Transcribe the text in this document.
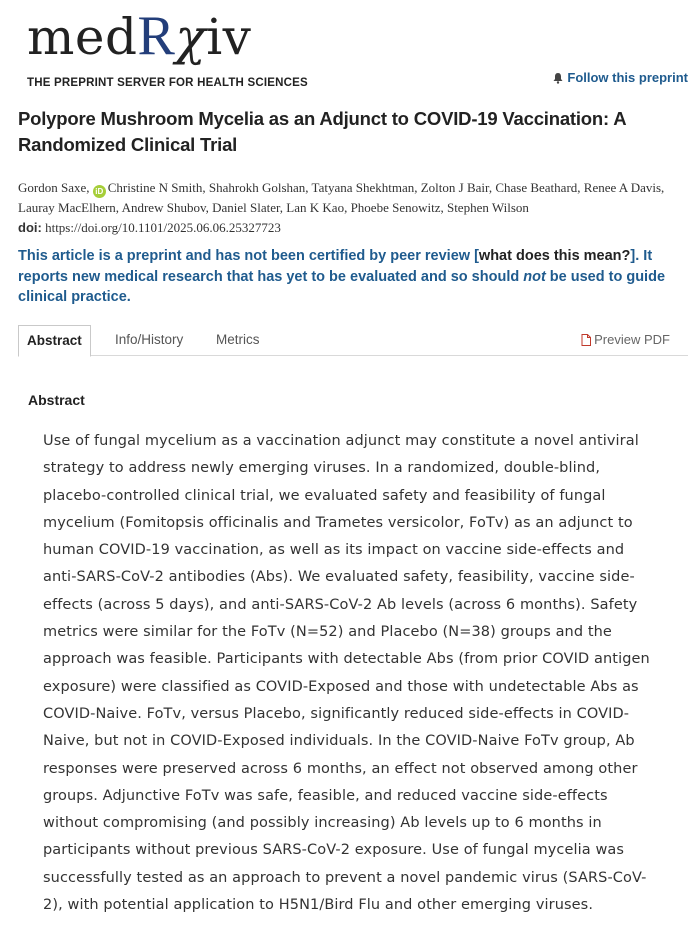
medRχiv
THE PREPRINT SERVER FOR HEALTH SCIENCES	Follow this preprint
Polypore Mushroom Mycelia as an Adjunct to COVID-19 Vaccination: A Randomized Clinical Trial
Gordon Saxe, iD Christine N Smith, Shahrokh Golshan, Tatyana Shekhtman, Zolton J Bair, Chase Beathard, Renee A Davis, Lauray MacElhern, Andrew Shubov, Daniel Slater, Lan K Kao, Phoebe Senowitz, Stephen Wilson
doi: https://doi.org/10.1101/2025.06.06.25327723
This article is a preprint and has not been certified by peer review [what does this mean?]. It reports new medical research that has yet to be evaluated and so should not be used to guide clinical practice.
Abstract	Info/History Metrics	Preview PDF
Abstract
Use of fungal mycelium as a vaccination adjunct may constitute a novel antiviral strategy to address newly emerging viruses. In a randomized, double-blind, placebo-controlled clinical trial, we evaluated safety and feasibility of fungal mycelium (Fomitopsis officinalis and Trametes versicolor, FoTv) as an adjunct to human COVID-19 vaccination, as well as its impact on vaccine side-effects and anti-SARS-CoV-2 antibodies (Abs). We evaluated safety, feasibility, vaccine side-effects (across 5 days), and anti-SARS-CoV-2 Ab levels (across 6 months). Safety metrics were similar for the FoTv (N=52) and Placebo (N=38) groups and the approach was feasible. Participants with detectable Abs (from prior COVID antigen exposure) were classified as COVID-Exposed and those with undetectable Abs as COVID-Naive. FoTv, versus Placebo, significantly reduced side-effects in COVID-Naive, but not in COVID-Exposed individuals. In the COVID-Naive FoTv group, Ab responses were preserved across 6 months, an effect not observed among other groups. Adjunctive FoTv was safe, feasible, and reduced vaccine side-effects without compromising (and possibly increasing) Ab levels up to 6 months in participants without previous SARS-CoV-2 exposure. Use of fungal mycelia was successfully tested as an approach to prevent a novel pandemic virus (SARS-CoV-2), with potential application to H5N1/Bird Flu and other emerging viruses.
